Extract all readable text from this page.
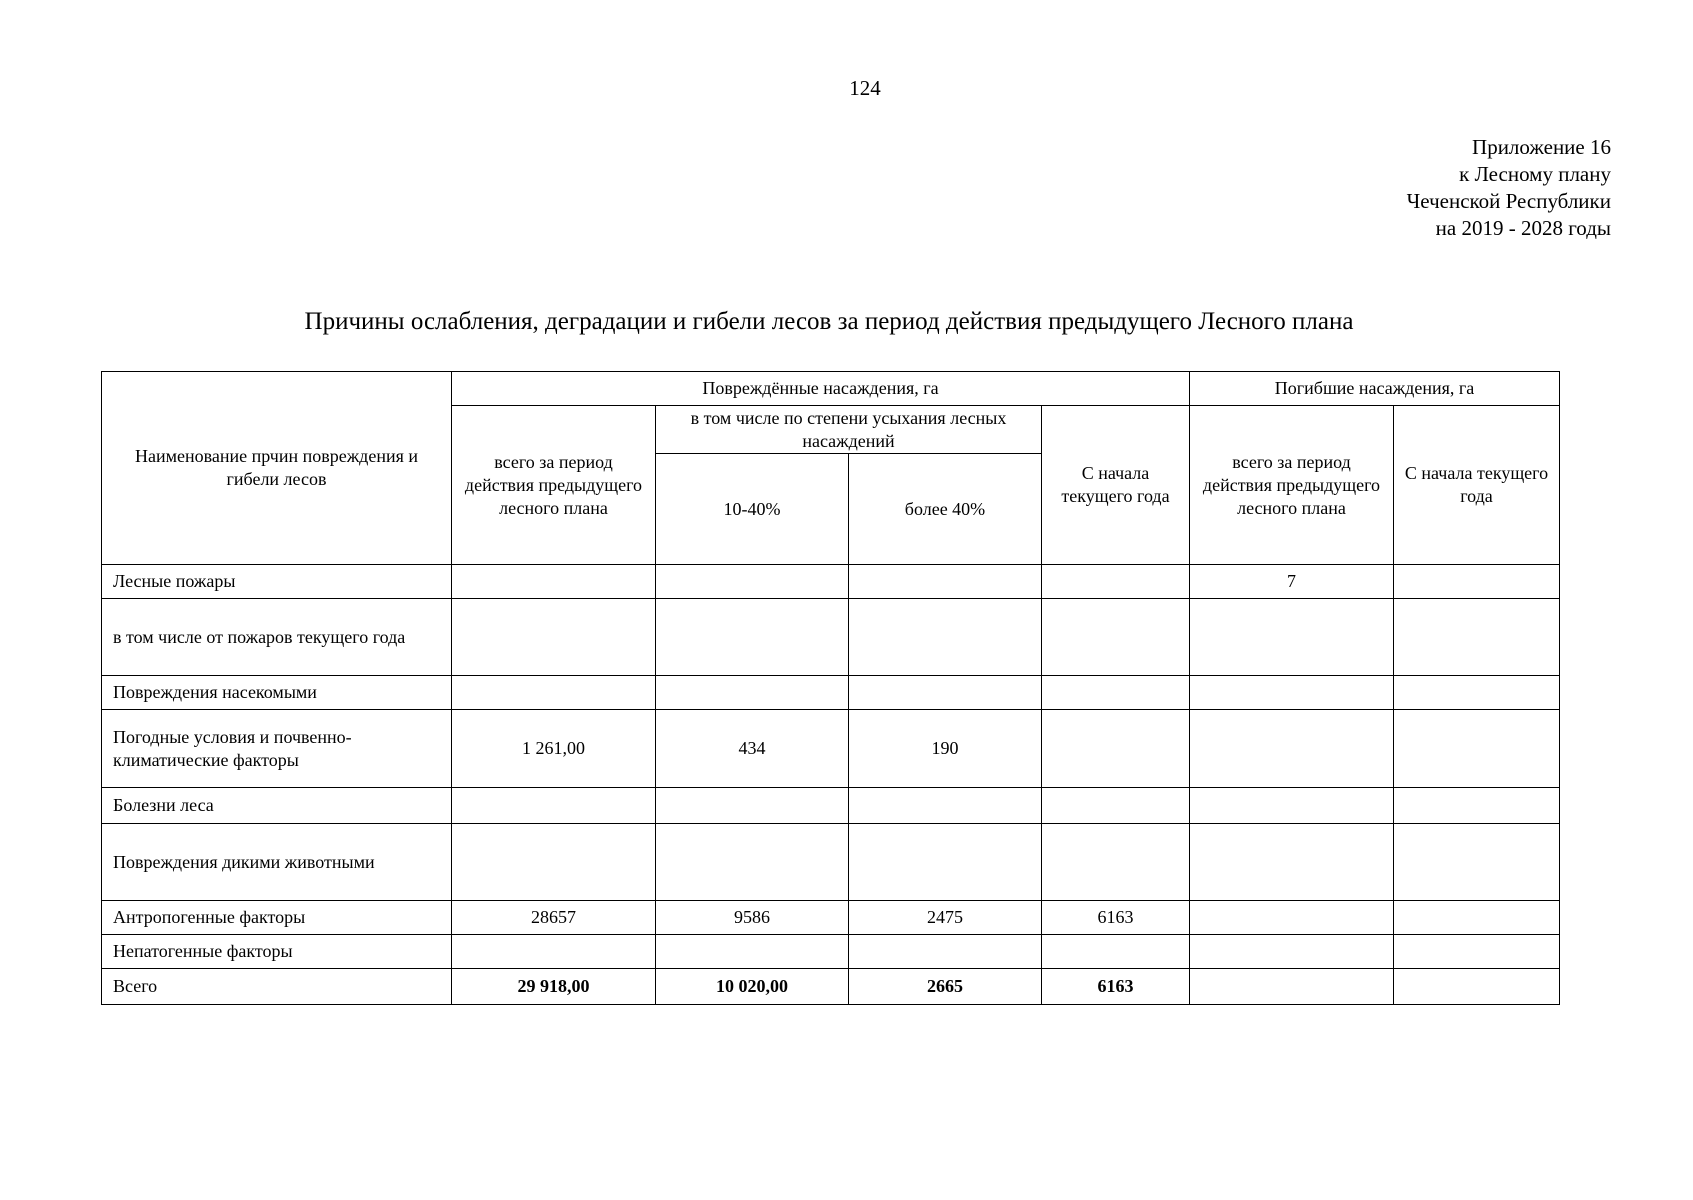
124
Приложение 16
к Лесному плану
Чеченской Республики
на 2019 - 2028 годы
Причины ослабления, деградации и гибели лесов за период действия предыдущего Лесного плана
Наименование прчин повреждения и гибели лесов	Повреждённые насаждения, га				Погибшие насаждения, га	
	всего за период действия предыдущего лесного плана	в том числе по степени усыхания лесных насаждений		С начала текущего года	всего за период действия предыдущего лесного плана	С начала текущего года
		10-40%	более 40%			
Лесные пожары					7	
в том числе от пожаров текущего года						
Повреждения насекомыми						
Погодные условия и почвенно-климатические факторы	1 261,00	434	190			
Болезни леса						
Повреждения дикими животными						
Антропогенные факторы	28657	9586	2475	6163		
Непатогенные факторы						
Всего	29 918,00	10 020,00	2665	6163		
